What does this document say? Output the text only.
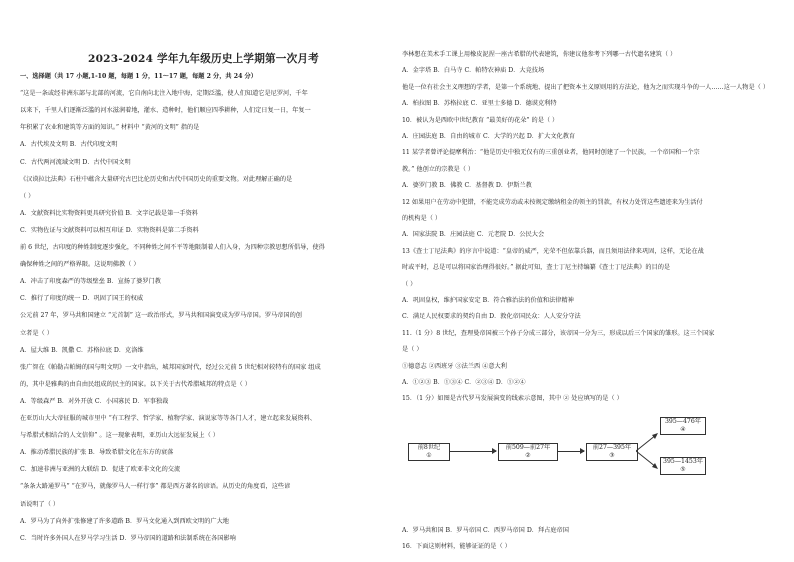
2023-2024 学年九年级历史上学期第一次月考
一、选择题（共 17 小题,1-10 题，每题 1 分，11～17 题，每题 2 分，共 24 分）
“这是一条或经非洲东部与北部的河流，它自南向北注入地中海，定期泛滥，使人们知道它是尼罗河，千年
以来下，千里人们逐渐泛滥的河水滋润着地，灌水、造种时，他们顺应四季耕种，人们定日复一日，年复一
年积累了农业和建筑等方面的知识。” 材料中 “黄河的文明” 指的是
A．古代埃及文明 B．古代印度文明
C．古代两河流域文明 D．古代中国文明
《汉谟拉比法典》石柱中蕴含大量研究古巴比伦历史和古代中国历史的重要文物。对此理解正确的是
（ ）
A．文献资料比实物资料更具研究价值 B．文字记载是第一手资料
C．实物佐证与文献资料可以相互印证 D．实物资料是第二手资料
前 6 世纪，古印度的种姓制度逐步强化，不同种姓之间不平等地限制着人们入身，为四种宗教思想所倡导，使得
确保种姓之间的严格界限。这说明佛教（ ）
A．冲击了印度森严的等级壁垒 B．宣扬了婆罗门教
C．推行了印度的统一 D．巩固了国王的权威
公元前 27 年，罗马共和国建立 “元首制” 这一政治形式，罗马共和国演变成为罗马帝国。罗马帝国的创
立者是（ ）
A．屋大维 B．凯撒 C．苏格拉底 D．克洛维
张广智在《帕勒吉帕姆的国与明文明》一文中指出，城邦国家时代，经过公元前 5 世纪相对较特有的国家 组成
的，其中是雅典的由自由民组成的民主的国家。以下关于古代希腊城邦的特点是（ ）
A．等级森严 B．对外开放 C．小国寡民 D．军事独裁
在亚历山大大帝征服的城市里中 “有工程学、哲学家、植物学家、演说家等等各门人才，建立起来发展资料、
与希腊式相结合的人文信仰” 。这一现象表明，亚历山大远征发展上（ ）
A．推动希腊民族的扩张 B．导致希腊文化在东方的衰落
C．加速非洲与亚洲的大联结 D．促进了欧亚非文化的交流
“条条大路通罗马” “在罗马，就像罗马人一样行事” 都是西方著名的谚语。从历史的角度看，这些谚
语说明了（ ）
A．罗马为了向外扩张修建了许多道路 B．罗马文化通入到西欧文明的广大地
C．当时许多外国人在罗马学习生活 D．罗马帝国的道路和法制系统在各国影响
李林想在美术手工课上用橡皮泥捏一座古希腊的代表建筑，你建议他参考下列哪一古代遗名建筑（ ）
A．金字塔 B．白马寺 C．帕特农神庙 D．大竞技场
他是一位有社会主义理想的学者，是第一个系统地、提出了把资本主义原则用的方法论，他为之而实现斗争的一人……这一人物是（ ）
A．柏拉图 B．苏格拉底 C．亚里士多德 D．德谟克利特
10．被认为是西欧中世纪教育 “最美好的花朵” 的是（ ）
A．庄园法庭 B．自由的城市 C．大学的兴起 D．扩大文化教育
11 某学者曾评论提摩利治：“他是历史中独无仅有的三重创业者，他同时创建了一个民族，一个帝国和一个宗
教。” 他创立的宗教是（ ）
A．婆罗门教 B．佛教 C．基督教 D．伊斯兰教
12 如果用户在劳动中犯错，不能完成劳动或未按规定缴纳租金的领主的罚款，有权力处罚这些遗迹来为生活付
的机构是（ ）
A．国家法院 B．庄园法庭 C．元老院 D．公民大会
13《查士丁尼法典》的序言中说道：“皇帝的威严，光荣不但依靠兵器，而且须用法律来巩固，这样，无论在战
时或平时，总是可以将国家治理得很好。” 据此可知，查士丁尼主持编纂《查士丁尼法典》的目的是
（ ）
A．巩固皇权，维护国家安定 B．符合雅治法的价值和法律精神
C．满足人民权要求的契约自由 D．敦化帝国民众：人人安分守法
11.（1 分）8 世纪，查理曼帝国被三个孙子分成三部分，该帝国一分为三，形成以后三个国家的雏形。这三个国家
是（ ）
①德意志 ②西班牙 ③法兰西 ④意大利
A．①②③ B．①③④ C．②③④ D．①②④
15．（1 分）如图是古代罗马发展演变的线索示意图，其中 ② 处应填写的是（ ）
A．罗马共和国 B．罗马帝国 C．西罗马帝国 D．拜占庭帝国
16．下面这则材料，能够证证的是（ ）
前8世纪
①
前509—前27年
②
前27—395年
③
395—476年
④
395—1453年
⑤
